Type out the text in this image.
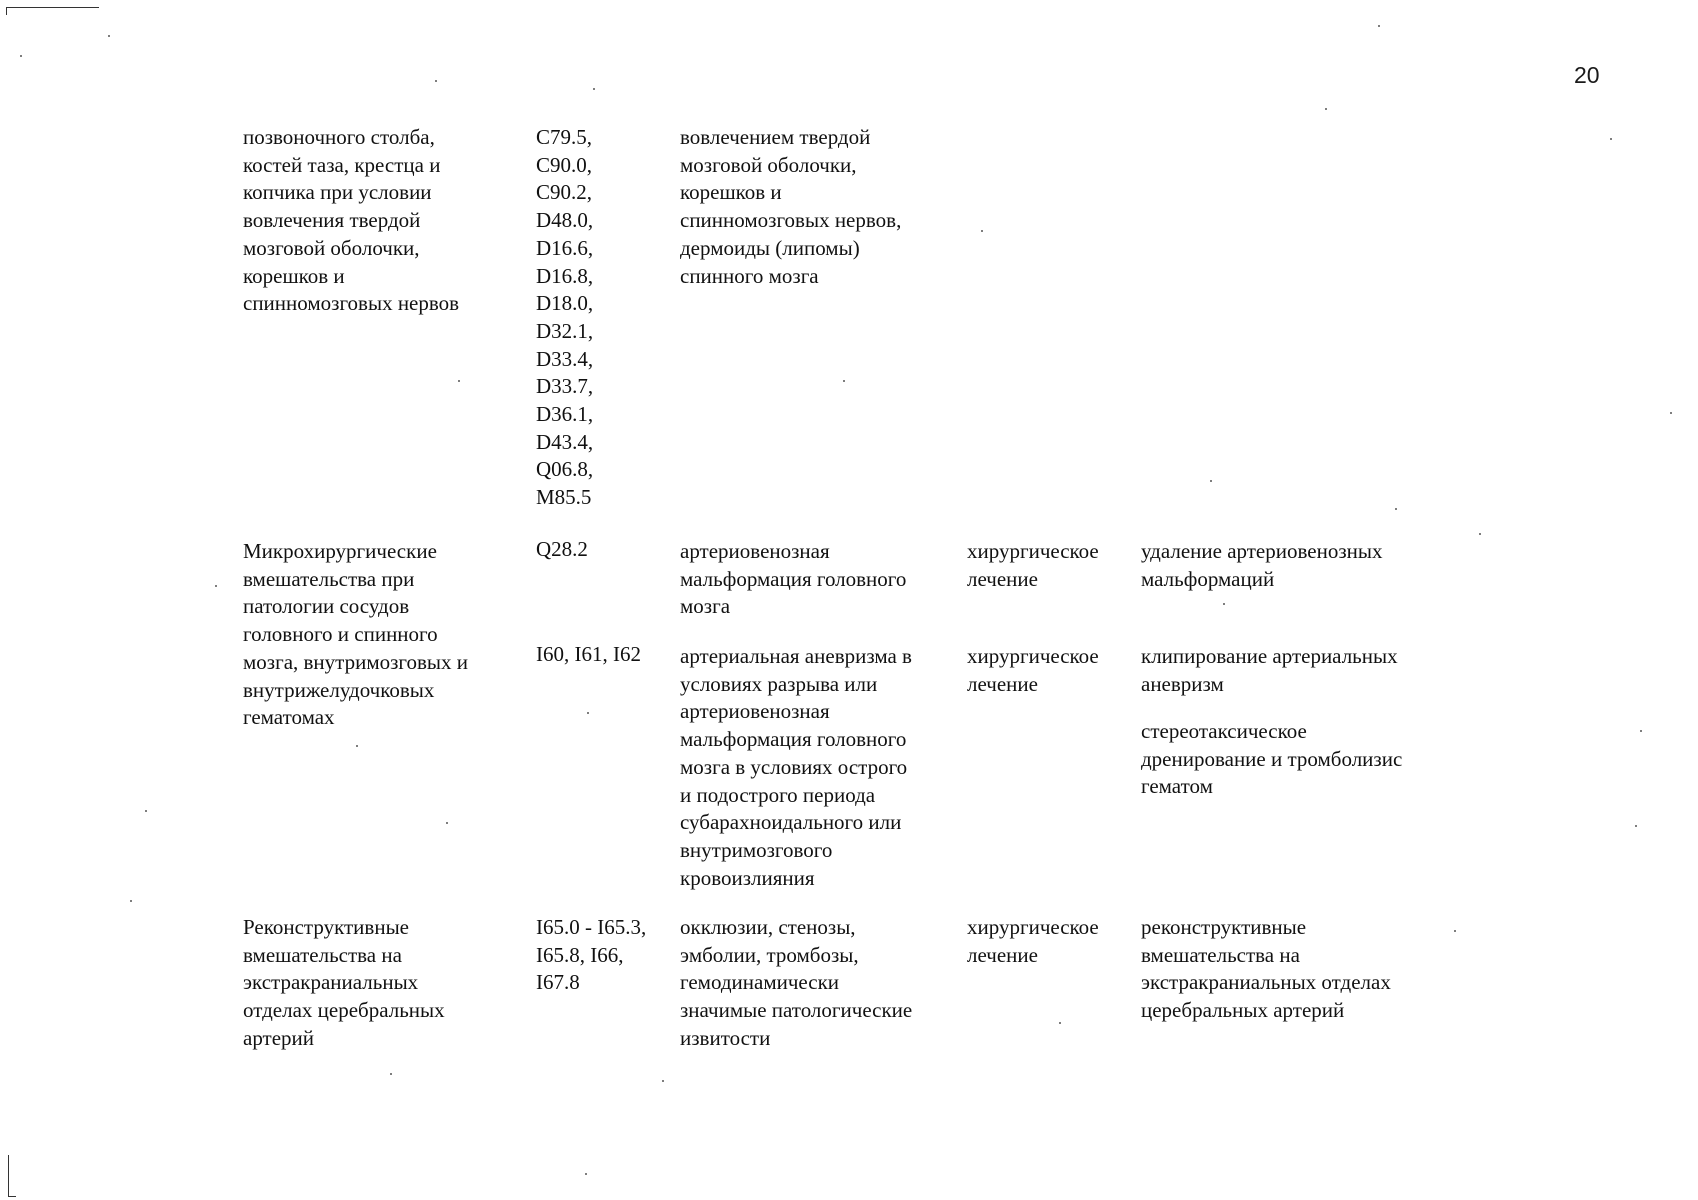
20
позвоночного столба,
костей таза, крестца и
копчика при условии
вовлечения твердой
мозговой оболочки,
корешков и
спинномозговых нервов
C79.5,
C90.0,
C90.2,
D48.0,
D16.6,
D16.8,
D18.0,
D32.1,
D33.4,
D33.7,
D36.1,
D43.4,
Q06.8,
M85.5
вовлечением твердой
мозговой оболочки,
корешков и
спинномозговых нервов,
дермоиды (липомы)
спинного мозга
Микрохирургические
вмешательства при
патологии сосудов
головного и спинного
мозга, внутримозговых и
внутрижелудочковых
гематомах
Q28.2	артериовенозная
мальформация головного
мозга
хирургическое
лечение
удаление артериовенозных
мальформаций
I60, I61, I62	артериальная аневризма в
условиях разрыва или
артериовенозная
мальформация головного
мозга в условиях острого
и подострого периода
субарахноидального или
внутримозгового
кровоизлияния
хирургическое
лечение
клипирование артериальных
аневризм
стереотаксическое
дренирование и тромболизис
гематом
Реконструктивные
вмешательства на
экстракраниальных
отделах церебральных
артерий
I65.0 - I65.3,
I65.8, I66,
I67.8
окклюзии, стенозы,
эмболии, тромбозы,
гемодинамически
значимые патологические
извитости
хирургическое
лечение
реконструктивные
вмешательства на
экстракраниальных отделах
церебральных артерий
